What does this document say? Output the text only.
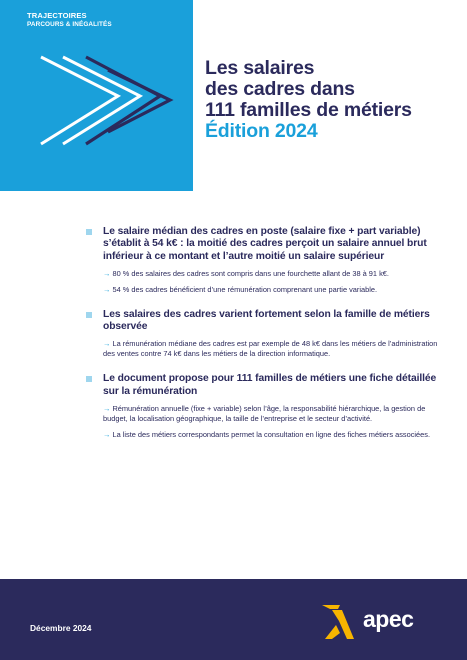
TRAJECTOIRES
PARCOURS & INÉGALITÉS
Les salaires
des cadres dans
111 familles de métiers
Édition 2024
Le salaire médian des cadres en poste (salaire fixe + part variable) s’établit à 54 k€ : la moitié des cadres perçoit un salaire annuel brut inférieur à ce montant et l’autre moitié un salaire supérieur
→ 80 % des salaires des cadres sont compris dans une fourchette allant de 38 à 91 k€.
→ 54 % des cadres bénéficient d’une rémunération comprenant une partie variable.
Les salaires des cadres varient fortement selon la famille de métiers observée
→ La rémunération médiane des cadres est par exemple de 48 k€ dans les métiers de l’administration des ventes contre 74 k€ dans les métiers de la direction informatique.
Le document propose pour 111 familles de métiers une fiche détaillée sur la rémunération
→ Rémunération annuelle (fixe + variable) selon l’âge, la responsabilité hiérarchique, la gestion de budget, la localisation géographique, la taille de l’entreprise et le secteur d’activité.
→ La liste des métiers correspondants permet la consultation en ligne des fiches métiers associées.
Décembre 2024	apec
